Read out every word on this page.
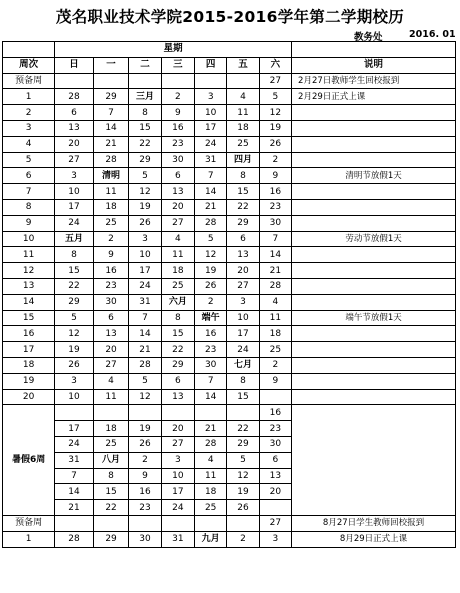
茂名职业技术学院2015-2016学年第二学期校历
教务处	2016. 01
	星期							
周次	日	一	二	三	四	五	六	说明
预备周							27	2月27日教师学生回校报到
1	28	29	三月	2	3	4	5	2月29日正式上课
2	6	7	8	9	10	11	12	
3	13	14	15	16	17	18	19	
4	20	21	22	23	24	25	26	
5	27	28	29	30	31	四月	2	
6	3	清明	5	6	7	8	9	清明节放假1天
7	10	11	12	13	14	15	16	
8	17	18	19	20	21	22	23	
9	24	25	26	27	28	29	30	
10	五月	2	3	4	5	6	7	劳动节放假1天
11	8	9	10	11	12	13	14	
12	15	16	17	18	19	20	21	
13	22	23	24	25	26	27	28	
14	29	30	31	六月	2	3	4	
15	5	6	7	8	端午	10	11	端午节放假1天
16	12	13	14	15	16	17	18	
17	19	20	21	22	23	24	25	
18	26	27	28	29	30	七月	2	
19	3	4	5	6	7	8	9	
20	10	11	12	13	14	15		
暑假6周							16	
	17	18	19	20	21	22	23	
	24	25	26	27	28	29	30	
	31	八月	2	3	4	5	6	
	7	8	9	10	11	12	13	
	14	15	16	17	18	19	20	
	21	22	23	24	25	26		
预备周							27	8月27日学生教师回校报到
1	28	29	30	31	九月	2	3	8月29日正式上课
